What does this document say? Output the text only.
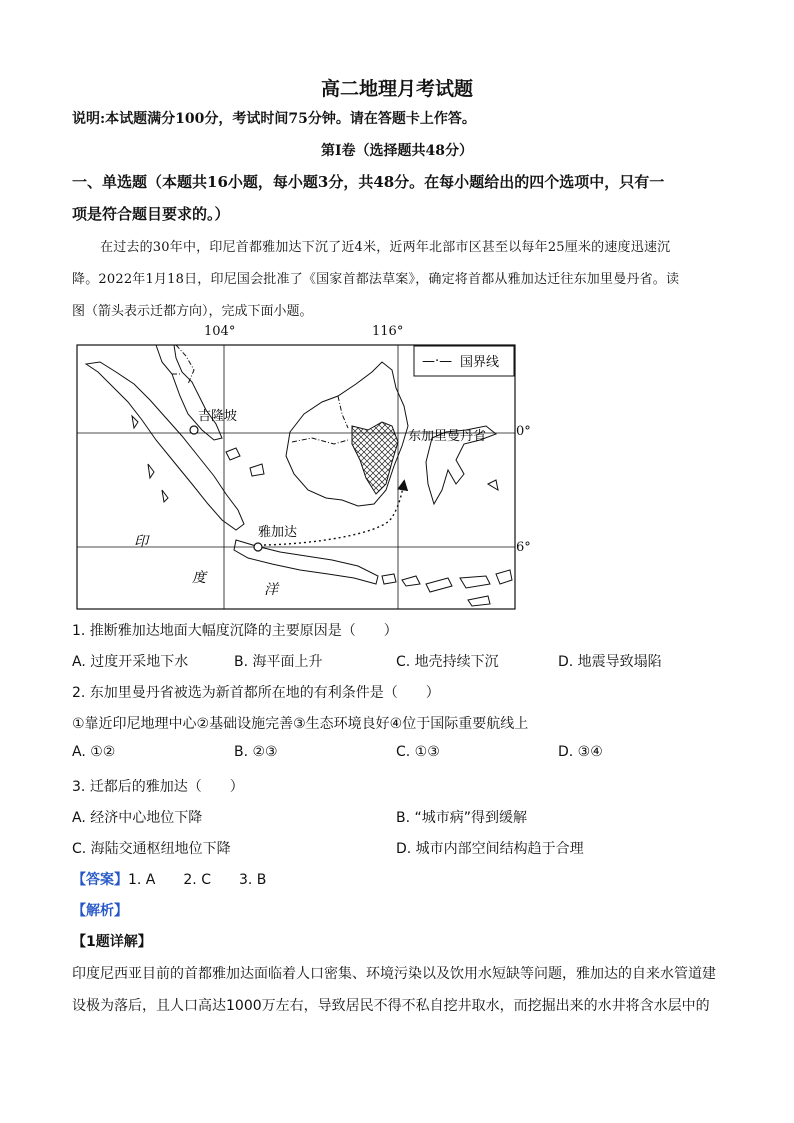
高二地理月考试题
说明:本试题满分100分，考试时间75分钟。请在答题卡上作答。
第Ⅰ卷（选择题共48分）
一、单选题（本题共16小题，每小题3分，共48分。在每小题给出的四个选项中，只有一
项是符合题目要求的。）
在过去的30年中，印尼首都雅加达下沉了近4米，近两年北部市区甚至以每年25厘米的速度迅速沉
降。2022年1月18日，印尼国会批准了《国家首都法草案》，确定将首都从雅加达迁往东加里曼丹省。读
图（箭头表示迁都方向），完成下面小题。
—·— 国界线
吉隆坡
雅加达
东加里曼丹省
印
度
洋
104°	116°
0°
6°
1. 推断雅加达地面大幅度沉降的主要原因是（　　）
A. 过度开采地下水	B. 海平面上升	C. 地壳持续下沉	D. 地震导致塌陷
2. 东加里曼丹省被选为新首都所在地的有利条件是（　　）
①靠近印尼地理中心②基础设施完善③生态环境良好④位于国际重要航线上
A. ①②	B. ②③	C. ①③	D. ③④
3. 迁都后的雅加达（　　）
A. 经济中心地位下降	B. “城市病”得到缓解
C. 海陆交通枢纽地位下降	D. 城市内部空间结构趋于合理
【答案】1. A　　2. C　　3. B
【解析】
【1题详解】
印度尼西亚目前的首都雅加达面临着人口密集、环境污染以及饮用水短缺等问题，雅加达的自来水管道建
设极为落后，且人口高达1000万左右，导致居民不得不私自挖井取水，而挖掘出来的水井将含水层中的
